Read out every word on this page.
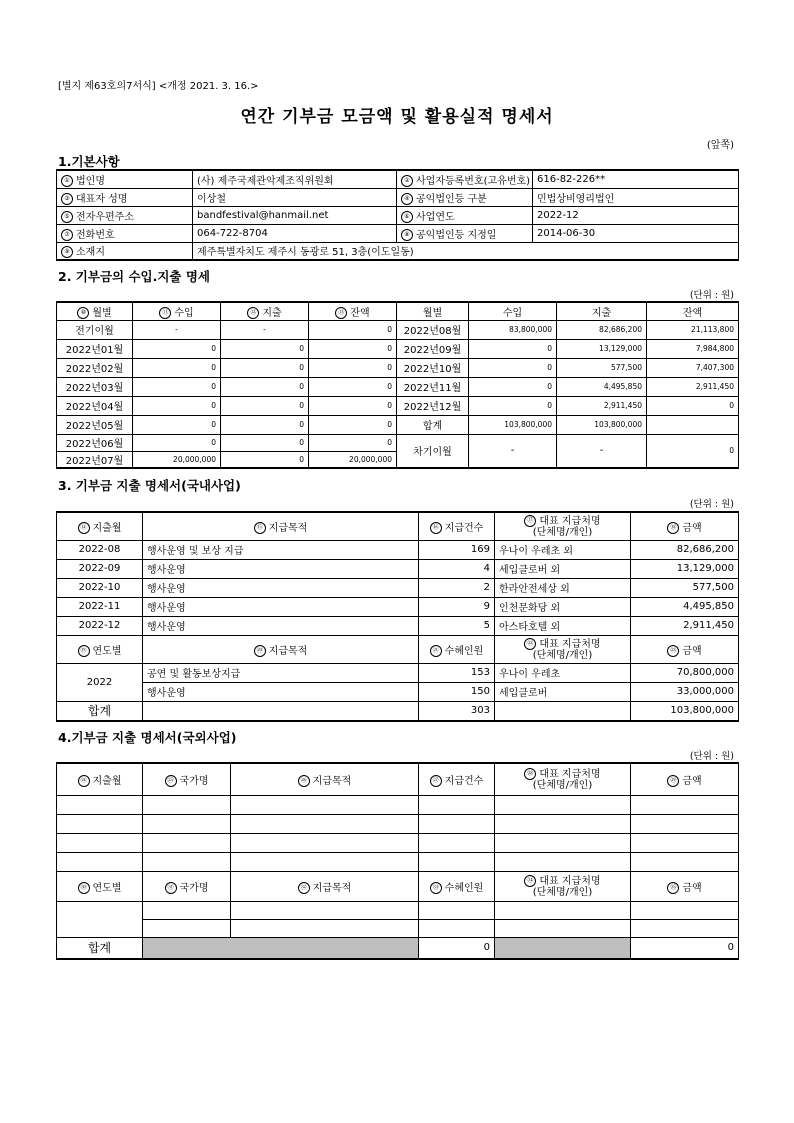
[별지 제63호의7서식] <개정 2021. 3. 16.>
연간 기부금 모금액 및 활용실적 명세서
(앞쪽)
1.기본사항
① 법인명	(사) 제주국제관악제조직위원회	② 사업자등록번호(고유번호)	616-82-226**
③ 대표자 성명	이상철	④ 공익법인등 구분	민법상비영리법인
⑤ 전자우편주소	bandfestival@hanmail.net	⑥ 사업연도	2022-12
⑦ 전화번호	064-722-8704	⑧ 공익법인등 지정일	2014-06-30
⑨ 소재지	제주특별자치도 제주시 동광로 51, 3층(이도일동)		
2. 기부금의 수입.지출 명세
(단위 : 원)
⑩ 월별	⑪ 수입	⑫ 지출	⑬ 잔액	월별	수입	지출	잔액
전기이월	-	-	0	2022년08월	83,800,000	82,686,200	21,113,800
2022년01월	0	0	0	2022년09월	0	13,129,000	7,984,800
2022년02월	0	0	0	2022년10월	0	577,500	7,407,300
2022년03월	0	0	0	2022년11월	0	4,495,850	2,911,450
2022년04월	0	0	0	2022년12월	0	2,911,450	0
2022년05월	0	0	0	합계	103,800,000	103,800,000	
2022년06월	0	0	0	차기이월	-	-	0
2022년07월	20,000,000	0	20,000,000				
3. 기부금 지출 명세서(국내사업)
(단위 : 원)
⑭ 지출월	⑮ 지급목적	⑯ 지급건수	⑰ 대표 지급처명
(단체명/개인)	⑱ 금액
2022-08	행사운영 및 보상 지급	169	우나이 우레초 외	82,686,200
2022-09	행사운영	4	세입클로버 외	13,129,000
2022-10	행사운영	2	한라안전세상 외	577,500
2022-11	행사운영	9	인천문화당 외	4,495,850
2022-12	행사운영	5	아스타호텔 외	2,911,450
⑲ 연도별	⑳ 지급목적	㉑ 수혜인원	㉒ 대표 지급처명
(단체명/개인)	㉓ 금액
2022	공연 및 활동보상지급	153	우나이 우레초	70,800,000
	행사운영	150	세입클로버	33,000,000
합계		303		103,800,000
4.기부금 지출 명세서(국외사업)
(단위 : 원)
㉔ 지출월	㉕ 국가명	㉖ 지급목적	㉗ 지급건수	㉘ 대표 지급처명
(단체명/개인)	㉙ 금액

㉚ 연도별	㉛ 국가명	㉜ 지급목적	㉝ 수혜인원	㉞ 대표 지급처명
(단체명/개인)	㉟ 금액

합계			0		0
